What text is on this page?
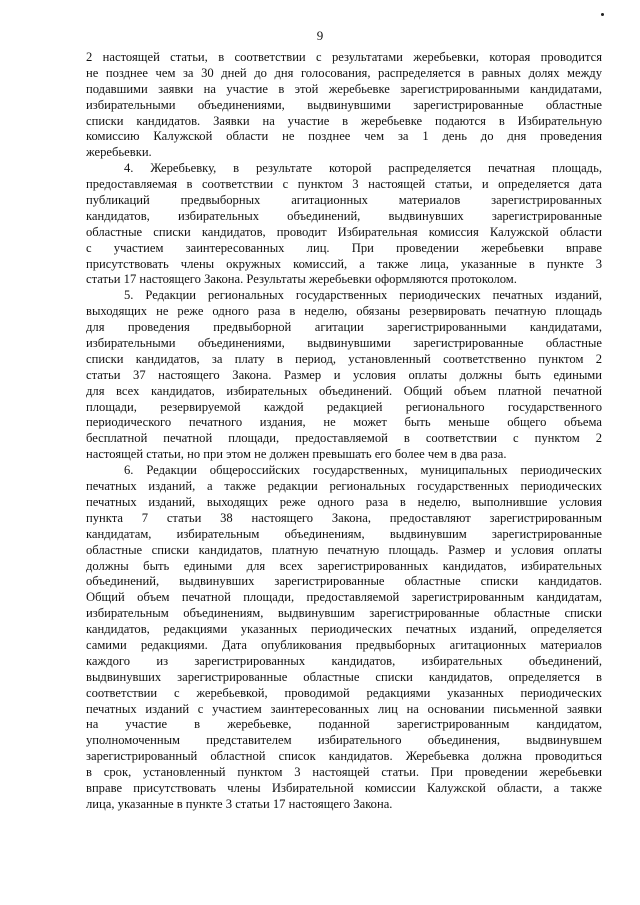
9
2 настоящей статьи, в соответствии с результатами жеребьевки, которая проводится
не позднее чем за 30 дней до дня голосования, распределяется в равных долях между
подавшими заявки на участие в этой жеребьевке зарегистрированными кандидатами,
избирательными объединениями, выдвинувшими зарегистрированные областные
списки кандидатов. Заявки на участие в жеребьевке подаются в Избирательную
комиссию Калужской области не позднее чем за 1 день до дня проведения
жеребьевки.
4. Жеребьевку, в результате которой распределяется печатная площадь,
предоставляемая в соответствии с пунктом 3 настоящей статьи, и определяется дата
публикаций предвыборных агитационных материалов зарегистрированных
кандидатов, избирательных объединений, выдвинувших зарегистрированные
областные списки кандидатов, проводит Избирательная комиссия Калужской области
с участием заинтересованных лиц. При проведении жеребьевки вправе
присутствовать члены окружных комиссий, а также лица, указанные в пункте 3
статьи 17 настоящего Закона. Результаты жеребьевки оформляются протоколом.
5. Редакции региональных государственных периодических печатных изданий,
выходящих не реже одного раза в неделю, обязаны резервировать печатную площадь
для проведения предвыборной агитации зарегистрированными кандидатами,
избирательными объединениями, выдвинувшими зарегистрированные областные
списки кандидатов, за плату в период, установленный соответственно пунктом 2
статьи 37 настоящего Закона. Размер и условия оплаты должны быть едиными
для всех кандидатов, избирательных объединений. Общий объем платной печатной
площади, резервируемой каждой редакцией регионального государственного
периодического печатного издания, не может быть меньше общего объема
бесплатной печатной площади, предоставляемой в соответствии с пунктом 2
настоящей статьи, но при этом не должен превышать его более чем в два раза.
6. Редакции общероссийских государственных, муниципальных периодических
печатных изданий, а также редакции региональных государственных периодических
печатных изданий, выходящих реже одного раза в неделю, выполнившие условия
пункта 7 статьи 38 настоящего Закона, предоставляют зарегистрированным
кандидатам, избирательным объединениям, выдвинувшим зарегистрированные
областные списки кандидатов, платную печатную площадь. Размер и условия оплаты
должны быть едиными для всех зарегистрированных кандидатов, избирательных
объединений, выдвинувших зарегистрированные областные списки кандидатов.
Общий объем печатной площади, предоставляемой зарегистрированным кандидатам,
избирательным объединениям, выдвинувшим зарегистрированные областные списки
кандидатов, редакциями указанных периодических печатных изданий, определяется
самими редакциями. Дата опубликования предвыборных агитационных материалов
каждого из зарегистрированных кандидатов, избирательных объединений,
выдвинувших зарегистрированные областные списки кандидатов, определяется в
соответствии с жеребьевкой, проводимой редакциями указанных периодических
печатных изданий с участием заинтересованных лиц на основании письменной заявки
на участие в жеребьевке, поданной зарегистрированным кандидатом,
уполномоченным представителем избирательного объединения, выдвинувшем
зарегистрированный областной список кандидатов. Жеребьевка должна проводиться
в срок, установленный пунктом 3 настоящей статьи. При проведении жеребьевки
вправе присутствовать члены Избирательной комиссии Калужской области, а также
лица, указанные в пункте 3 статьи 17 настоящего Закона.
